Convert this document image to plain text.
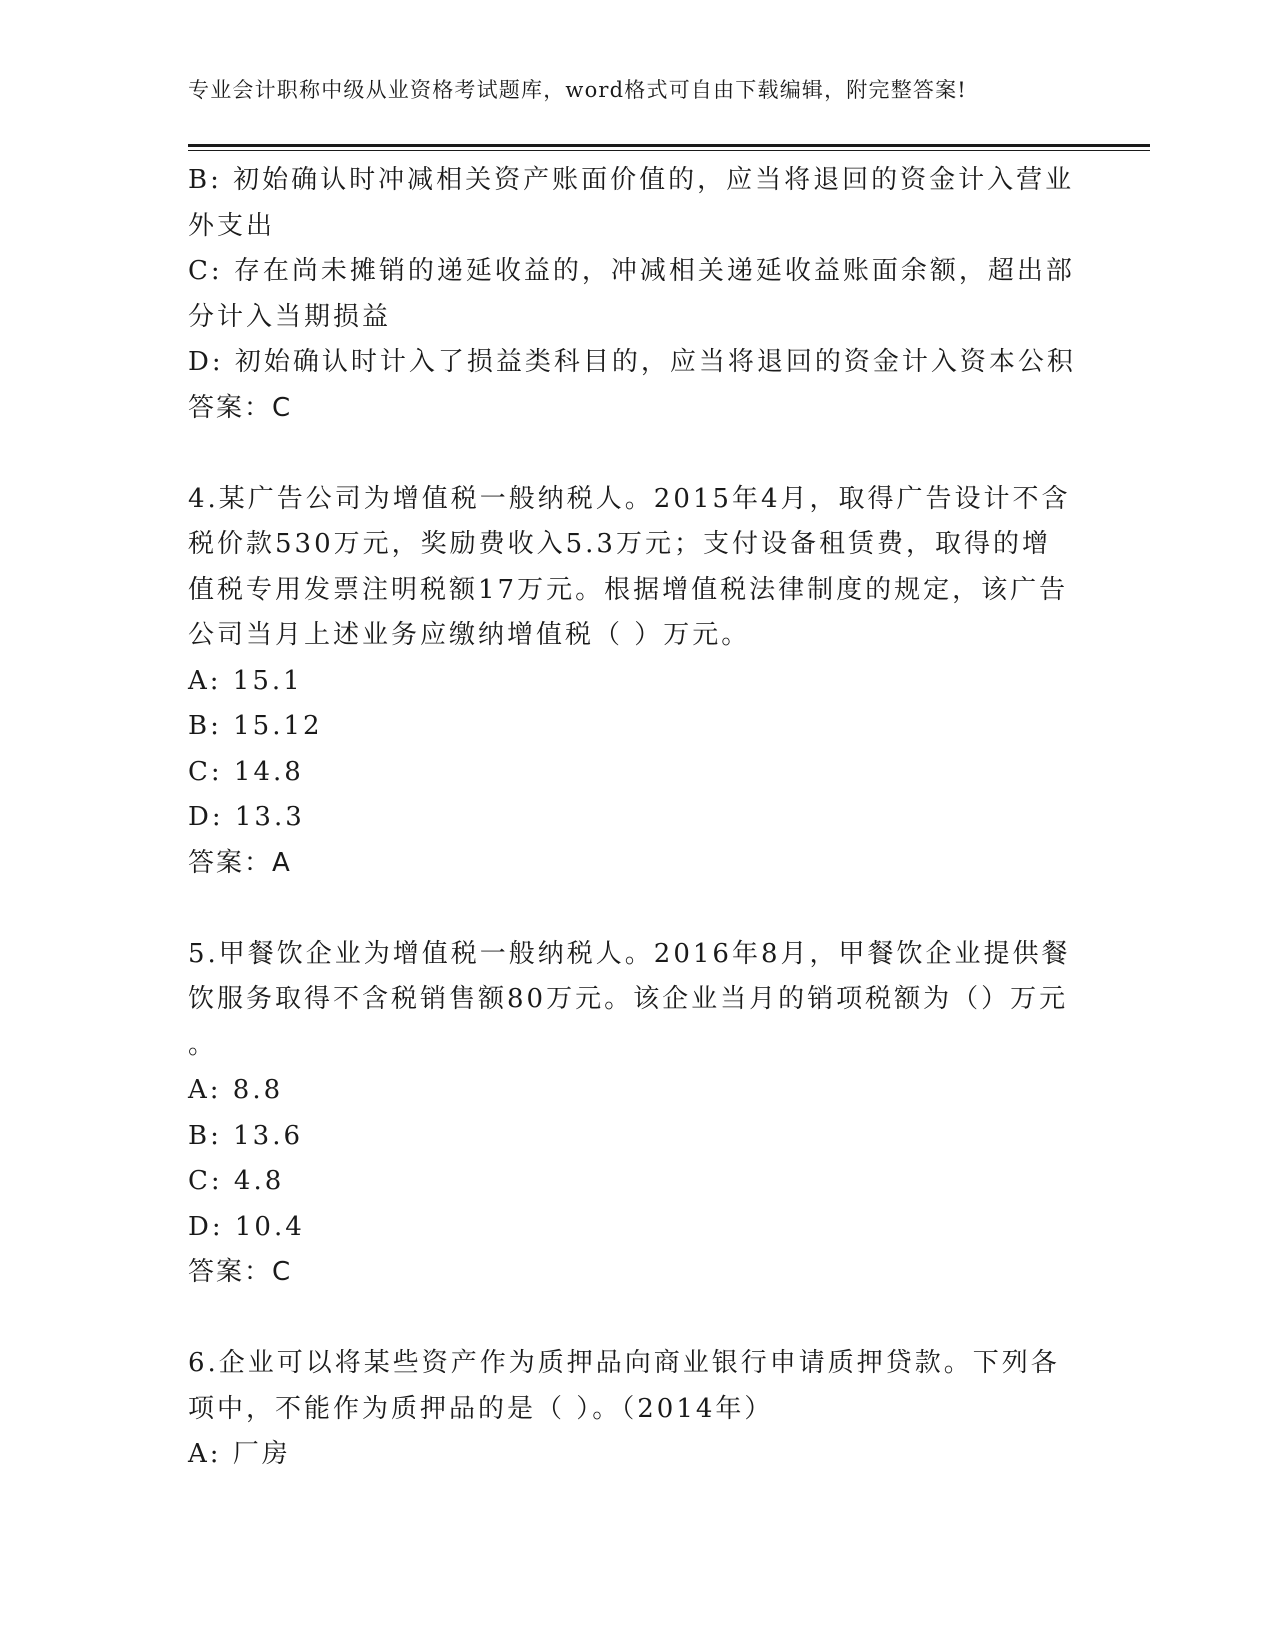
专业会计职称中级从业资格考试题库，word格式可自由下载编辑，附完整答案!
B: 初始确认时冲减相关资产账面价值的，应当将退回的资金计入营业
外支出
C: 存在尚未摊销的递延收益的，冲减相关递延收益账面余额，超出部
分计入当期损益
D: 初始确认时计入了损益类科目的，应当将退回的资金计入资本公积
答案：C
4.某广告公司为增值税一般纳税人。2015年4月，取得广告设计不含
税价款530万元，奖励费收入5.3万元；支付设备租赁费，取得的增
值税专用发票注明税额17万元。根据增值税法律制度的规定，该广告
公司当月上述业务应缴纳增值税（ ）万元。
A: 15.1
B: 15.12
C: 14.8
D: 13.3
答案：A
5.甲餐饮企业为增值税一般纳税人。2016年8月，甲餐饮企业提供餐
饮服务取得不含税销售额80万元。该企业当月的销项税额为（）万元
。
A: 8.8
B: 13.6
C: 4.8
D: 10.4
答案：C
6.企业可以将某些资产作为质押品向商业银行申请质押贷款。下列各
项中，不能作为质押品的是（ ）。（2014年）
A: 厂房
